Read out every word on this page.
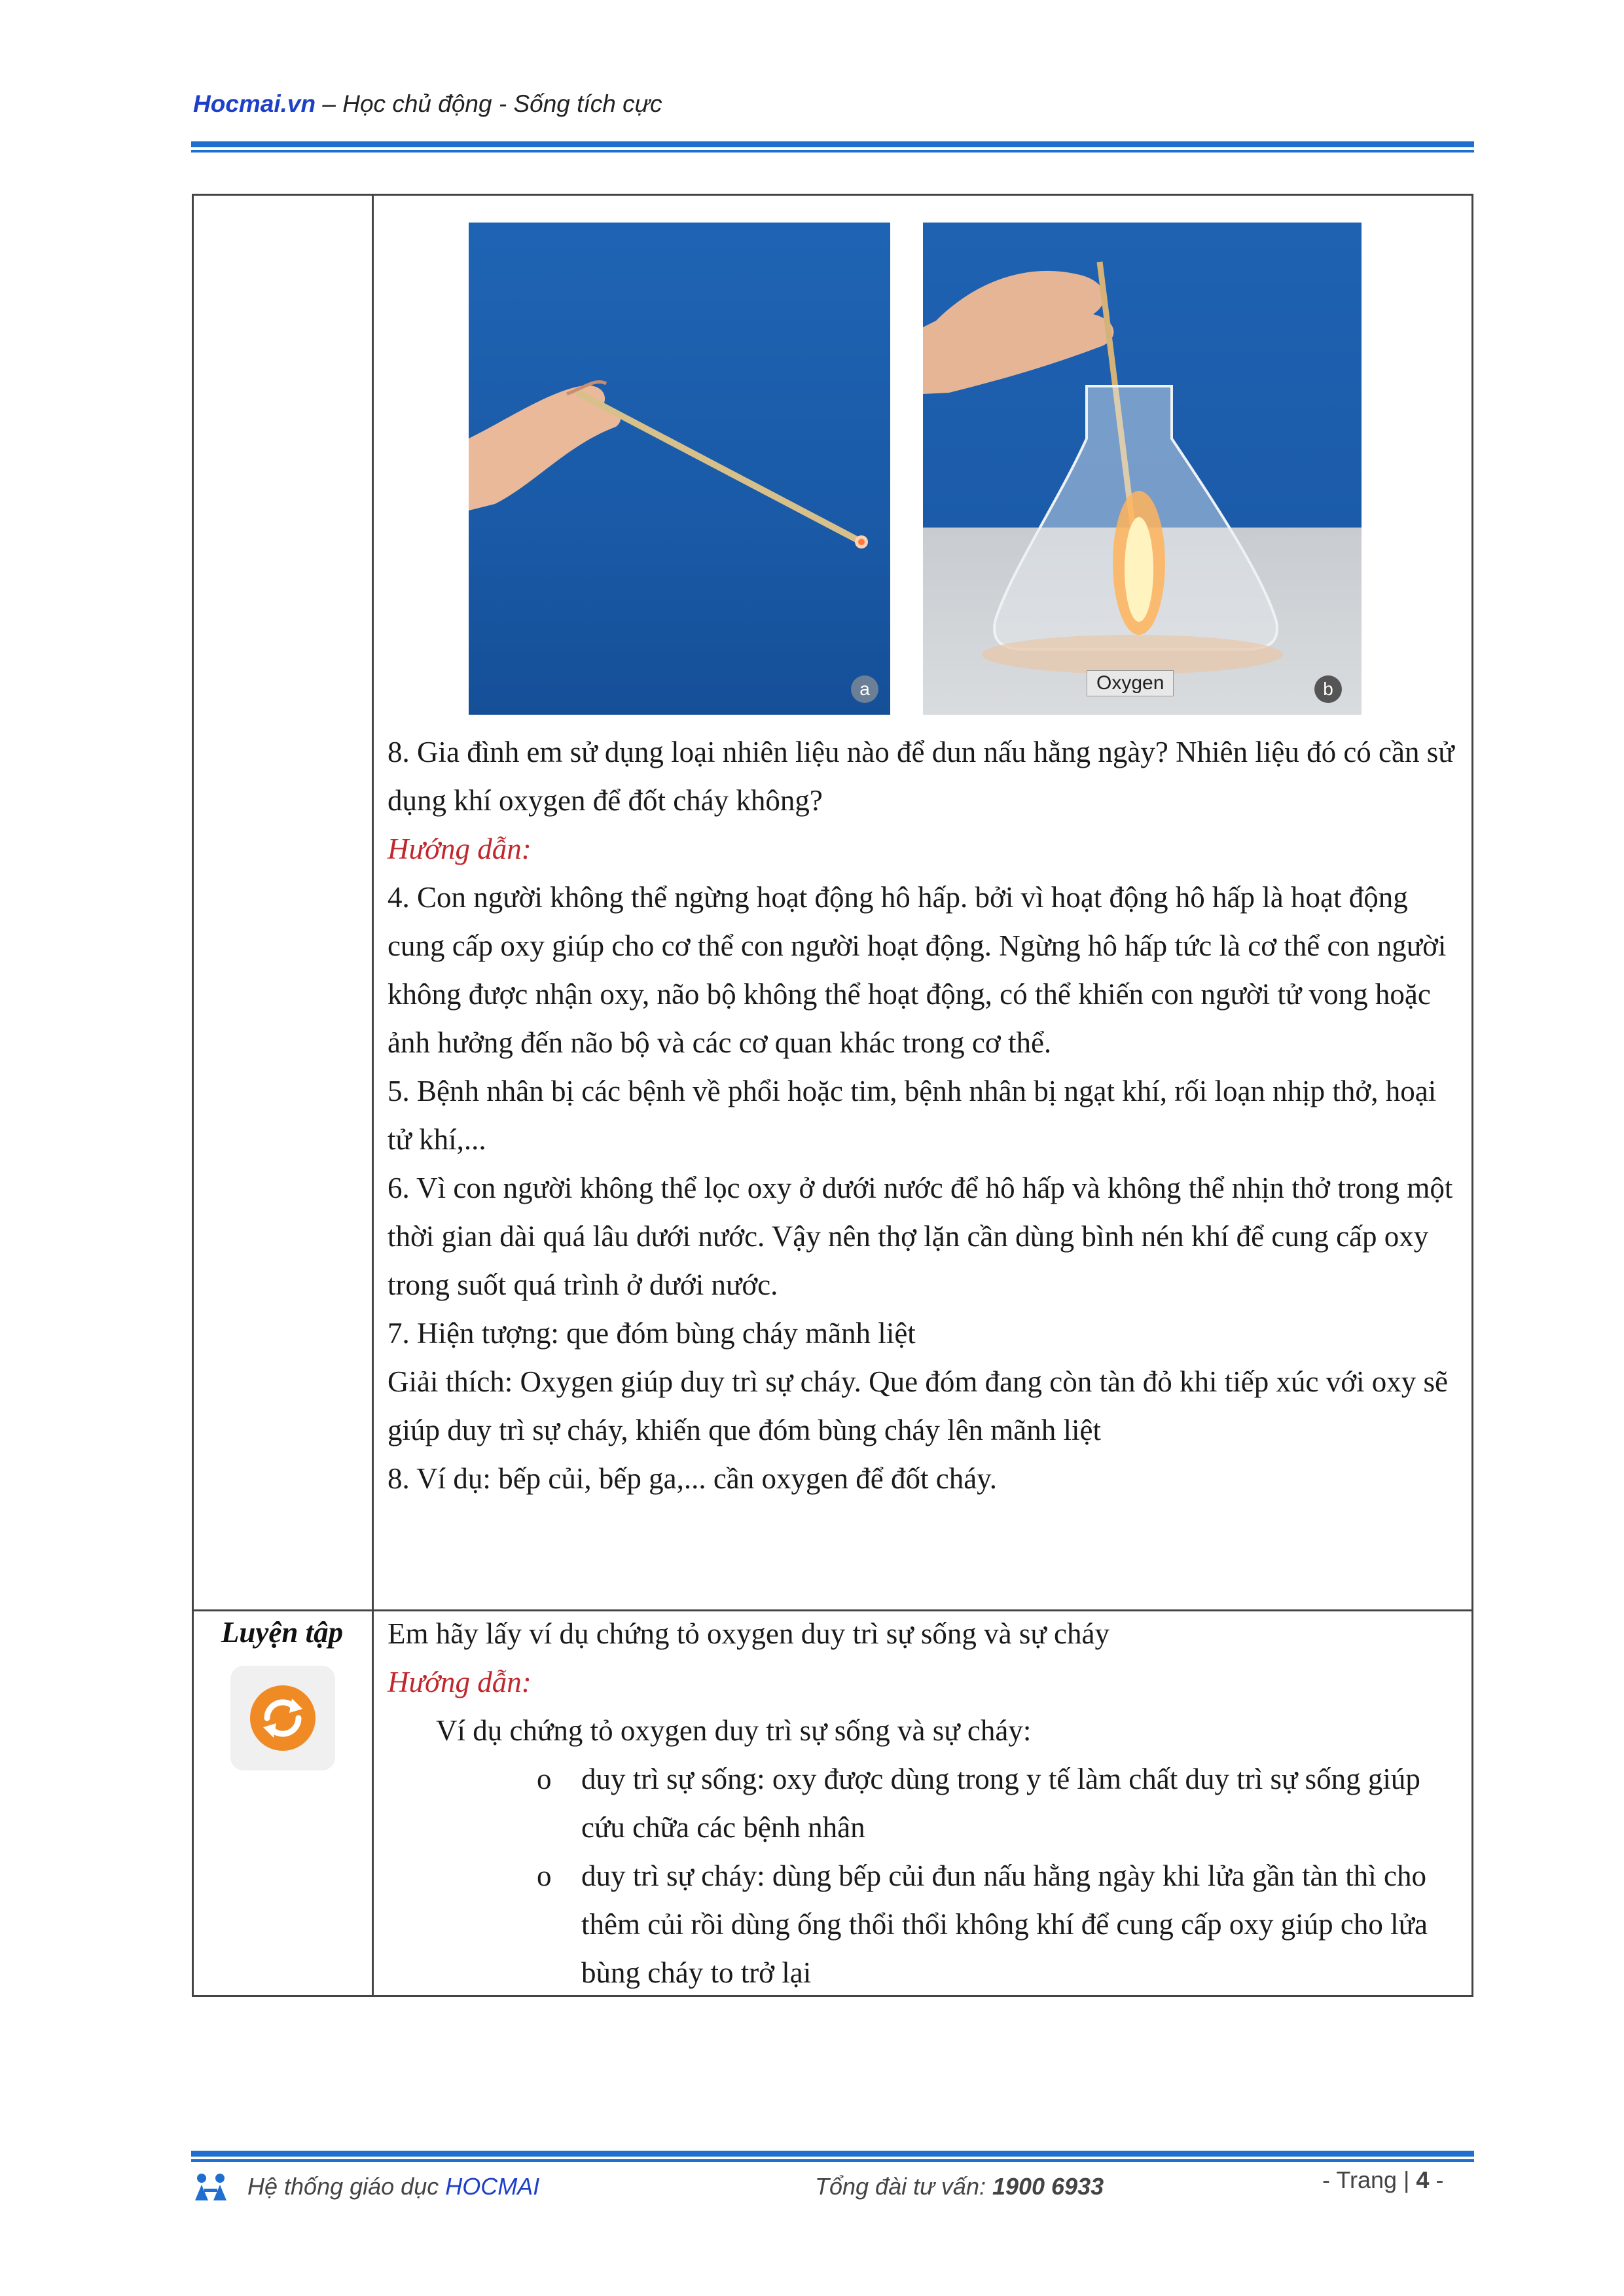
Hocmai.vn – Học chủ động - Sống tích cực
a	Oxygen	b

8. Gia đình em sử dụng loại nhiên liệu nào để dun nấu hằng ngày? Nhiên liệu đó có cần sử dụng khí oxygen để đốt cháy không?

Hướng dẫn:

4. Con người không thể ngừng hoạt động hô hấp. bởi vì hoạt động hô hấp là hoạt động cung cấp oxy giúp cho cơ thể con người hoạt động. Ngừng hô hấp tức là cơ thể con người không được nhận oxy, não bộ không thể hoạt động, có thể khiến con người tử vong hoặc ảnh hưởng đến não bộ và các cơ quan khác trong cơ thể.

5. Bệnh nhân bị các bệnh về phổi hoặc tim, bệnh nhân bị ngạt khí, rối loạn nhịp thở, hoại tử khí,...

6. Vì con người không thể lọc oxy ở dưới nước để hô hấp và không thể nhịn thở trong một thời gian dài quá lâu dưới nước. Vậy nên thợ lặn cần dùng bình nén khí để cung cấp oxy trong suốt quá trình ở dưới nước.

7. Hiện tượng: que đóm bùng cháy mãnh liệt

Giải thích: Oxygen giúp duy trì sự cháy. Que đóm đang còn tàn đỏ khi tiếp xúc với oxy sẽ giúp duy trì sự cháy, khiến que đóm bùng cháy lên mãnh liệt

8. Ví dụ: bếp củi, bếp ga,... cần oxygen để đốt cháy.

Luyện tập	Em hãy lấy ví dụ chứng tỏ oxygen duy trì sự sống và sự cháy

Hướng dẫn:

Ví dụ chứng tỏ oxygen duy trì sự sống và sự cháy:

o duy trì sự sống: oxy được dùng trong y tế làm chất duy trì sự sống giúp cứu chữa các bệnh nhân

o duy trì sự cháy: dùng bếp củi đun nấu hằng ngày khi lửa gần tàn thì cho thêm củi rồi dùng ống thổi thổi không khí để cung cấp oxy giúp cho lửa bùng cháy to trở lại

Hệ thống giáo dục HOCMAI	Tổng đài tư vấn: 1900 6933	- Trang | 4 -
